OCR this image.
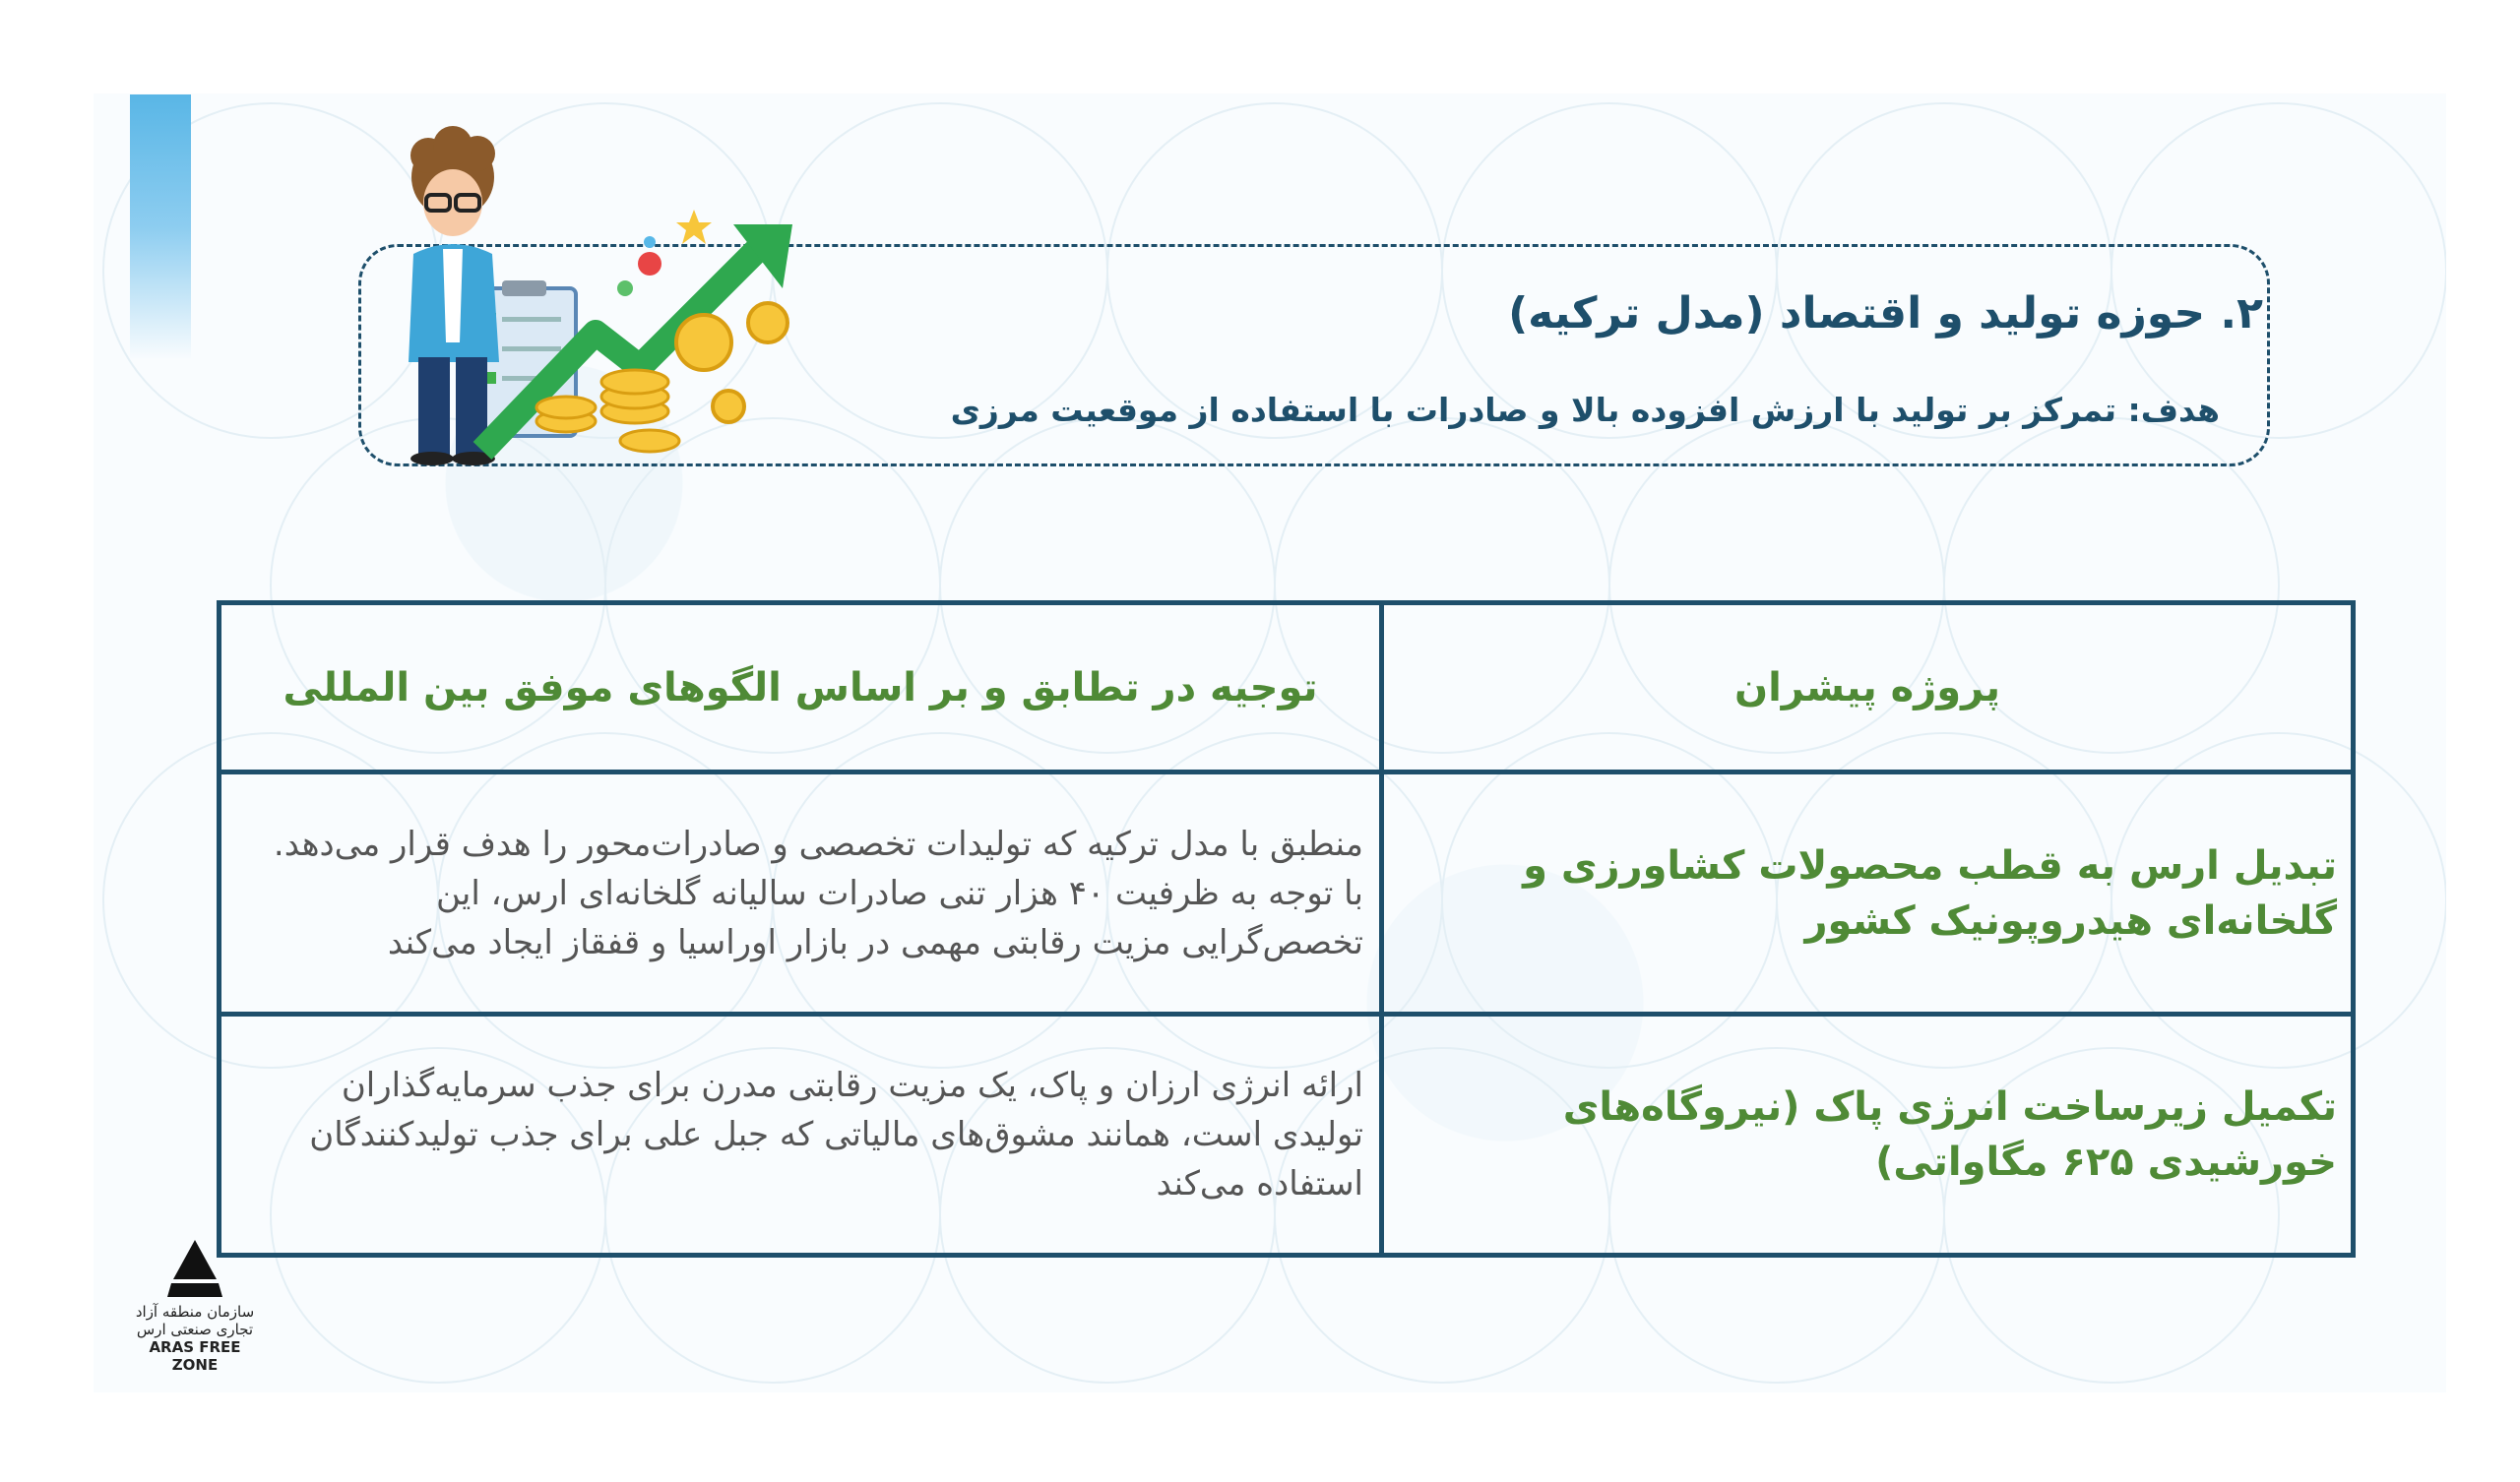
۲. حوزه تولید و اقتصاد (مدل ترکیه)

هدف: تمرکز بر تولید با ارزش افزوده بالا و صادرات با استفاده از موقعیت مرزی

پروژه پیشران	توجیه در تطابق و بر اساس الگوهای موفق بین المللی
تبدیل ارس به قطب محصولات کشاورزی و گلخانه‌ای هیدروپونیک کشور	منطبق با مدل ترکیه که تولیدات تخصصی و صادرات‌محور را هدف قرار می‌دهد. با توجه به ظرفیت ۴۰ هزار تنی صادرات سالیانه گلخانه‌ای ارس، این تخصص‌گرایی مزیت رقابتی مهمی در بازار اوراسیا و قفقاز ایجاد می‌کند
تکمیل زیرساخت انرژی پاک (نیروگاه‌های خورشیدی ۶۲۵ مگاواتی)	ارائه انرژی ارزان و پاک، یک مزیت رقابتی مدرن برای جذب سرمایه‌گذاران تولیدی است، همانند مشوق‌های مالیاتی که جبل علی برای جذب تولیدکنندگان استفاده می‌کند
سازمان منطقه آزاد تجاری صنعتی ارس
ARAS FREE ZONE
